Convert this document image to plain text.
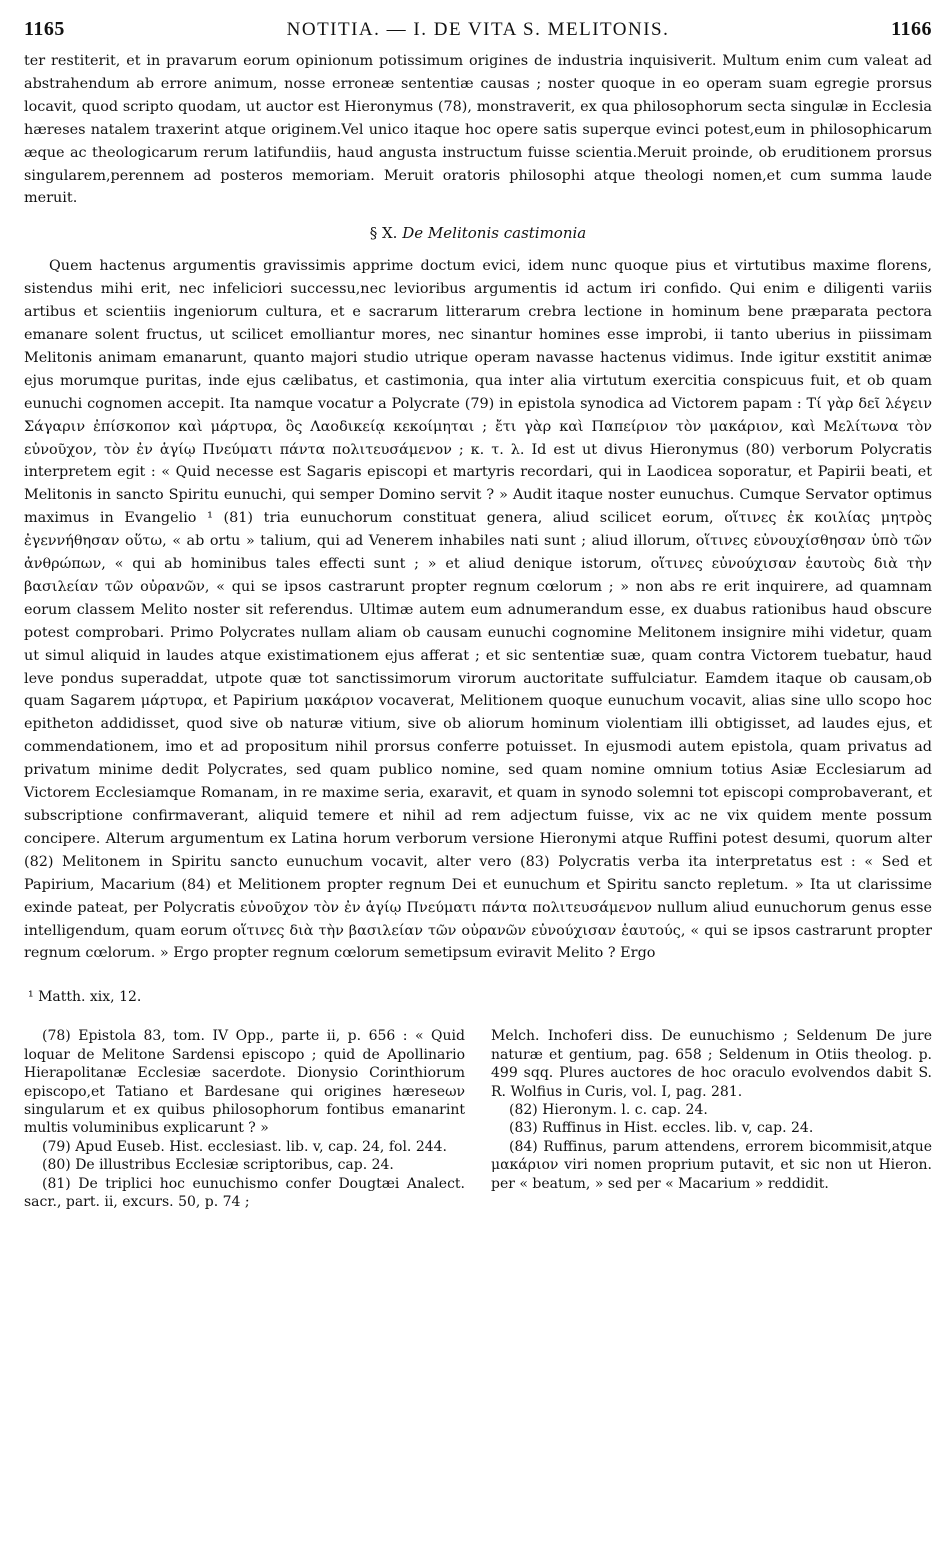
1165	NOTITIA. — I. DE VITA S. MELITONIS.	1166

ter restiterit, et in pravarum eorum opinionum potissimum origines de industria inquisiverit. Multum enim cum valeat ad abstrahendum ab errore animum, nosse erroneæ sententiæ causas ; noster quoque in eo operam suam egregie prorsus locavit, quod scripto quodam, ut auctor est Hieronymus (78), monstraverit, ex qua philosophorum secta singulæ in Ecclesia hæreses natalem traxerint atque originem.Vel unico itaque hoc opere satis superque evinci potest,eum in philosophicarum æque ac theologicarum rerum latifundiis, haud angusta instructum fuisse scientia.Meruit proinde, ob eruditionem prorsus singularem,perennem ad posteros memoriam. Meruit oratoris philosophi atque theologi nomen,et cum summa laude meruit.

§ X. De Melitonis castimonia

Quem hactenus argumentis gravissimis apprime doctum evici, idem nunc quoque pius et virtutibus maxime florens, sistendus mihi erit, nec infeliciori successu,nec levioribus argumentis id actum iri confido. Qui enim e diligenti variis artibus et scientiis ingeniorum cultura, et e sacrarum litterarum crebra lectione in hominum bene præparata pectora emanare solent fructus, ut scilicet emolliantur mores, nec sinantur homines esse improbi, ii tanto uberius in piissimam Melitonis animam emanarunt, quanto majori studio utrique operam navasse hactenus vidimus. Inde igitur exstitit animæ ejus morumque puritas, inde ejus cælibatus, et castimonia, qua inter alia virtutum exercitia conspicuus fuit, et ob quam eunuchi cognomen accepit. Ita namque vocatur a Polycrate (79) in epistola synodica ad Victorem papam : Τί γὰρ δεῖ λέγειν Σάγαριν ἐπίσκοπον καὶ μάρτυρα, ὃς Λαοδικείᾳ κεκοίμηται ; ἔτι γὰρ καὶ Παπείριον τὸν μακάριον, καὶ Μελίτωνα τὸν εὐνοῦχον, τὸν ἐν ἁγίῳ Πνεύματι πάντα πολιτευσάμενον ; κ. τ. λ. Id est ut divus Hieronymus (80) verborum Polycratis interpretem egit : « Quid necesse est Sagaris episcopi et martyris recordari, qui in Laodicea soporatur, et Papirii beati, et Melitonis in sancto Spiritu eunuchi, qui semper Domino servit ? » Audit itaque noster eunuchus. Cumque Servator optimus maximus in Evangelio ¹ (81) tria eunuchorum constituat genera, aliud scilicet eorum, οἵτινες ἐκ κοιλίας μητρὸς ἐγεννήθησαν οὕτω, « ab ortu » talium, qui ad Venerem inhabiles nati sunt ; aliud illorum, οἵτινες εὐνουχίσθησαν ὑπὸ τῶν ἀνθρώπων, « qui ab hominibus tales effecti sunt ; » et aliud denique istorum, οἵτινες εὐνούχισαν ἑαυτοὺς διὰ τὴν βασιλείαν τῶν οὐρανῶν, « qui se ipsos castrarunt propter regnum cœlorum ; » non abs re erit inquirere, ad quamnam eorum classem Melito noster sit referendus. Ultimæ autem eum adnumerandum esse, ex duabus rationibus haud obscure potest comprobari. Primo Polycrates nullam aliam ob causam eunuchi cognomine Melitonem insignire mihi videtur, quam ut simul aliquid in laudes atque existimationem ejus afferat ; et sic sententiæ suæ, quam contra Victorem tuebatur, haud leve pondus superaddat, utpote quæ tot sanctissimorum virorum auctoritate suffulciatur. Eamdem itaque ob causam,ob quam Sagarem μάρτυρα, et Papirium μακάριον vocaverat, Melitionem quoque eunuchum vocavit, alias sine ullo scopo hoc epitheton addidisset, quod sive ob naturæ vitium, sive ob aliorum hominum violentiam illi obtigisset, ad laudes ejus, et commendationem, imo et ad propositum nihil prorsus conferre potuisset. In ejusmodi autem epistola, quam privatus ad privatum minime dedit Polycrates, sed quam publico nomine, sed quam nomine omnium totius Asiæ Ecclesiarum ad Victorem Ecclesiamque Romanam, in re maxime seria, exaravit, et quam in synodo solemni tot episcopi comprobaverant, et subscriptione confirmaverant, aliquid temere et nihil ad rem adjectum fuisse, vix ac ne vix quidem mente possum concipere. Alterum argumentum ex Latina horum verborum versione Hieronymi atque Ruffini potest desumi, quorum alter (82) Melitonem in Spiritu sancto eunuchum vocavit, alter vero (83) Polycratis verba ita interpretatus est : « Sed et Papirium, Macarium (84) et Melitionem propter regnum Dei et eunuchum et Spiritu sancto repletum. » Ita ut clarissime exinde pateat, per Polycratis εὐνοῦχον τὸν ἐν ἁγίῳ Πνεύματι πάντα πολιτευσάμενον nullum aliud eunuchorum genus esse intelligendum, quam eorum οἵτινες διὰ τὴν βασιλείαν τῶν οὐρανῶν εὐνούχισαν ἑαυτούς, « qui se ipsos castrarunt propter regnum cœlorum. » Ergo propter regnum cœlorum semetipsum eviravit Melito ? Ergo

¹ Matth. xix, 12.

(78) Epistola 83, tom. IV Opp., parte ii, p. 656 : « Quid loquar de Melitone Sardensi episcopo ; quid de Apollinario Hierapolitanæ Ecclesiæ sacerdote. Dionysio Corinthiorum episcopo,et Tatiano et Bardesane qui origines hæreseων singularum et ex quibus philosophorum fontibus emanarint multis voluminibus explicarunt ? »

(79) Apud Euseb. Hist. ecclesiast. lib. v, cap. 24, fol. 244.

(80) De illustribus Ecclesiæ scriptoribus, cap. 24.

(81) De triplici hoc eunuchismo confer Dougtæi Analect. sacr., part. ii, excurs. 50, p. 74 ;

Melch. Inchoferi diss. De eunuchismo ; Seldenum De jure naturæ et gentium, pag. 658 ; Seldenum in Otiis theolog. p. 499 sqq. Plures auctores de hoc oraculo evolvendos dabit S. R. Wolfius in Curis, vol. I, pag. 281.

(82) Hieronym. l. c. cap. 24.

(83) Ruffinus in Hist. eccles. lib. v, cap. 24.

(84) Ruffinus, parum attendens, errorem bicommisit,atque μακάριον viri nomen proprium putavit, et sic non ut Hieron. per « beatum, » sed per « Macarium » reddidit.
